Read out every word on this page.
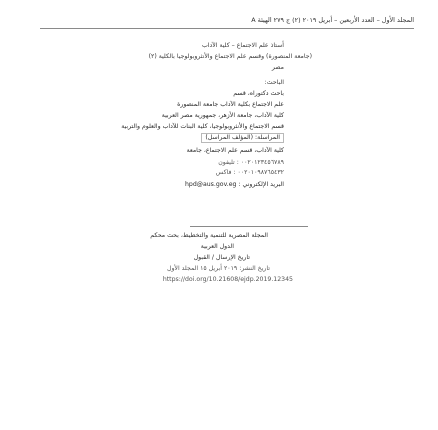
A المجلد الأول – العدد الأربعين – أبريل ٢٠١٩ (٢) ج ٢٧٩ الهيئة
أستاذ علم الاجتماع – كلية الآداب
(جامعة المنصورة) وقسم علم الاجتماع والأنثروبولوجيا بالكلية (٢)
مصر
الباحث:
باحث دكتوراه، قسم
علم الاجتماع بكلية الآداب جامعة المنصورة
كلية الآداب، جامعة الأزهر، جمهورية مصر العربية
قسم الاجتماع والأنثروبولوجيا، كلية البنات للآداب والعلوم والتربية
المراسلة: (المؤلف المراسل)
كلية الآداب، قسم علم الاجتماع، جامعة
٠٠٢٠١٢٣٤٥٦٧٨٩ : تليفون
٠٠٢٠١٠٩٨٧٦٥٤٣٢ : فاكس
البريد الإلكتروني : hpd@aus.gov.eg
المجلة المصرية للتنمية والتخطيط، بحث محكم
الدول العربية
تاريخ الإرسال / القبول
تاريخ النشر: ٢٠١٩ أبريل ١٥ المجلد الأول
https://doi.org/10.21608/ejdp.2019.12345
